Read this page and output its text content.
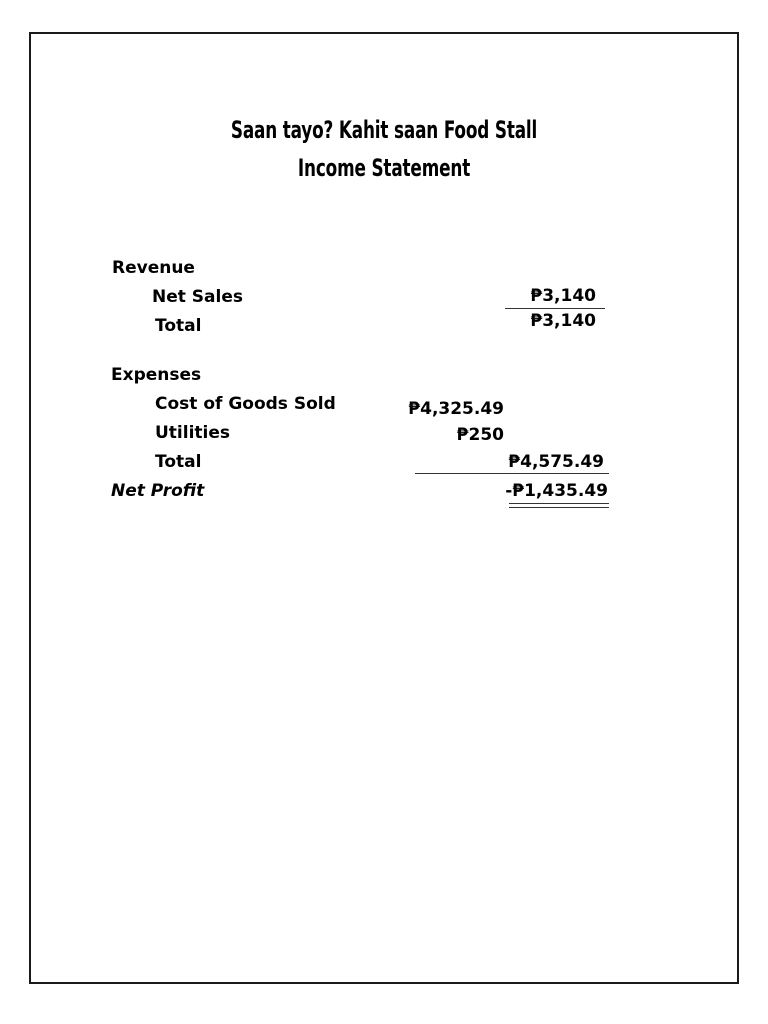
Saan tayo? Kahit saan Food Stall
Income Statement
Revenue
Net Sales	₱3,140
Total	₱3,140
Expenses
Cost of Goods Sold	₱4,325.49
Utilities	₱250
Total	₱4,575.49
Net Profit	-₱1,435.49
